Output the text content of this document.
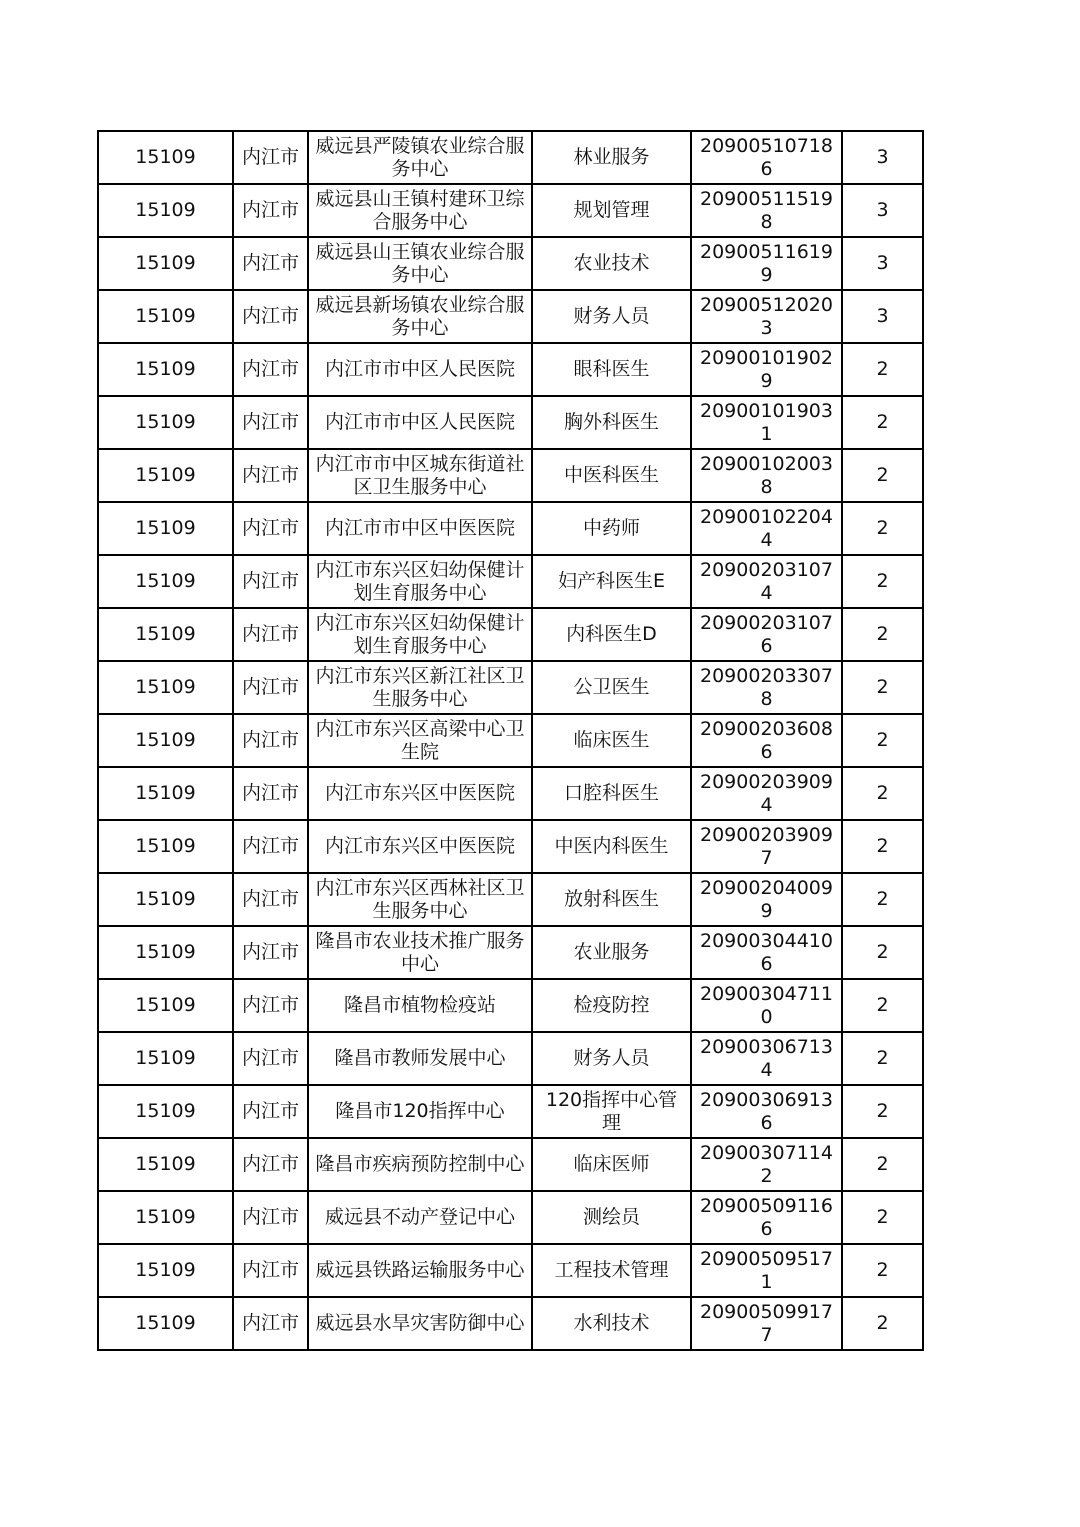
15109	内江市	威远县严陵镇农业综合服务中心	林业服务	209005107186	3
15109	内江市	威远县山王镇村建环卫综合服务中心	规划管理	209005115198	3
15109	内江市	威远县山王镇农业综合服务中心	农业技术	209005116199	3
15109	内江市	威远县新场镇农业综合服务中心	财务人员	209005120203	3
15109	内江市	内江市市中区人民医院	眼科医生	209001019029	2
15109	内江市	内江市市中区人民医院	胸外科医生	209001019031	2
15109	内江市	内江市市中区城东街道社区卫生服务中心	中医科医生	209001020038	2
15109	内江市	内江市市中区中医医院	中药师	209001022044	2
15109	内江市	内江市东兴区妇幼保健计划生育服务中心	妇产科医生E	209002031074	2
15109	内江市	内江市东兴区妇幼保健计划生育服务中心	内科医生D	209002031076	2
15109	内江市	内江市东兴区新江社区卫生服务中心	公卫医生	209002033078	2
15109	内江市	内江市东兴区高梁中心卫生院	临床医生	209002036086	2
15109	内江市	内江市东兴区中医医院	口腔科医生	209002039094	2
15109	内江市	内江市东兴区中医医院	中医内科医生	209002039097	2
15109	内江市	内江市东兴区西林社区卫生服务中心	放射科医生	209002040099	2
15109	内江市	隆昌市农业技术推广服务中心	农业服务	209003044106	2
15109	内江市	隆昌市植物检疫站	检疫防控	209003047110	2
15109	内江市	隆昌市教师发展中心	财务人员	209003067134	2
15109	内江市	隆昌市120指挥中心	120指挥中心管理	209003069136	2
15109	内江市	隆昌市疾病预防控制中心	临床医师	209003071142	2
15109	内江市	威远县不动产登记中心	测绘员	209005091166	2
15109	内江市	威远县铁路运输服务中心	工程技术管理	209005095171	2
15109	内江市	威远县水旱灾害防御中心	水利技术	209005099177	2
